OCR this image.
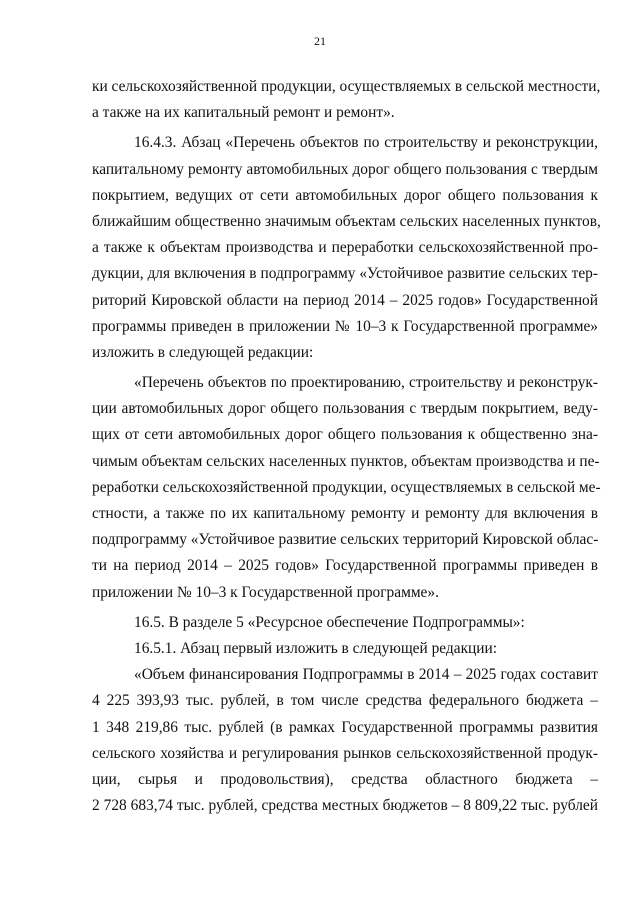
21
ки сельскохозяйственной продукции, осуществляемых в сельской местности,
а также на их капитальный ремонт и ремонт».
16.4.3. Абзац «Перечень объектов по строительству и реконструкции,
капитальному ремонту автомобильных дорог общего пользования с твердым
покрытием, ведущих от сети автомобильных дорог общего пользования к
ближайшим общественно значимым объектам сельских населенных пунктов,
а также к объектам производства и переработки сельскохозяйственной про-
дукции, для включения в подпрограмму «Устойчивое развитие сельских тер-
риторий Кировской области на период 2014 – 2025 годов» Государственной
программы приведен в приложении № 10–3 к Государственной программе»
изложить в следующей редакции:
«Перечень объектов по проектированию, строительству и реконструк-
ции автомобильных дорог общего пользования с твердым покрытием, веду-
щих от сети автомобильных дорог общего пользования к общественно зна-
чимым объектам сельских населенных пунктов, объектам производства и пе-
реработки сельскохозяйственной продукции, осуществляемых в сельской ме-
стности, а также по их капитальному ремонту и ремонту для включения в
подпрограмму «Устойчивое развитие сельских территорий Кировской облас-
ти на период 2014 – 2025 годов» Государственной программы приведен в
приложении № 10–3 к Государственной программе».
16.5. В разделе 5 «Ресурсное обеспечение Подпрограммы»:
16.5.1. Абзац первый изложить в следующей редакции:
«Объем финансирования Подпрограммы в 2014 – 2025 годах составит
4 225 393,93 тыс. рублей, в том числе средства федерального бюджета –
1 348 219,86 тыс. рублей (в рамках Государственной программы развития
сельского хозяйства и регулирования рынков сельскохозяйственной продук-
ции, сырья и продовольствия), средства областного бюджета –
2 728 683,74 тыс. рублей, средства местных бюджетов – 8 809,22 тыс. рублей
